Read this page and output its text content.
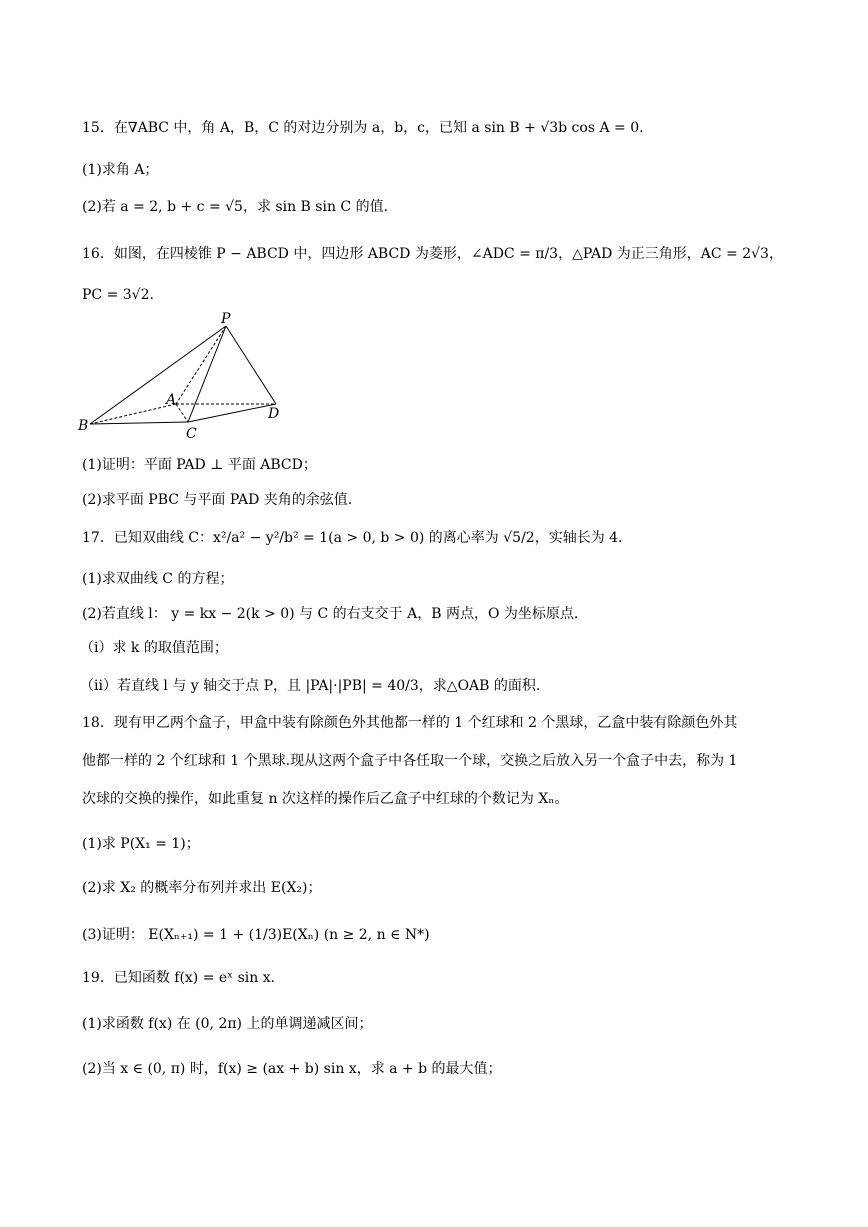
15．在∇ABC 中，角 A，B，C 的对边分别为 a，b，c，已知 a sin B + √3b cos A = 0.
(1)求角 A；
(2)若 a = 2, b + c = √5，求 sin B sin C 的值.
16．如图，在四棱锥 P − ABCD 中，四边形 ABCD 为菱形，∠ADC = π/3，△PAD 为正三角形，AC = 2√3，
PC = 3√2.
P
A
B	C
D
(1)证明：平面 PAD ⊥ 平面 ABCD；
(2)求平面 PBC 与平面 PAD 夹角的余弦值.
17．已知双曲线 C：x²/a² − y²/b² = 1(a > 0, b > 0) 的离心率为 √5/2，实轴长为 4.
(1)求双曲线 C 的方程；
(2)若直线 l： y = kx − 2(k > 0) 与 C 的右支交于 A，B 两点，O 为坐标原点.
（i）求 k 的取值范围；
（ii）若直线 l 与 y 轴交于点 P，且 |PA|·|PB| = 40/3，求△OAB 的面积.
18．现有甲乙两个盒子，甲盒中装有除颜色外其他都一样的 1 个红球和 2 个黑球，乙盒中装有除颜色外其
他都一样的 2 个红球和 1 个黑球.现从这两个盒子中各任取一个球，交换之后放入另一个盒子中去，称为 1
次球的交换的操作，如此重复 n 次这样的操作后乙盒子中红球的个数记为 Xₙ。
(1)求 P(X₁ = 1)；
(2)求 X₂ 的概率分布列并求出 E(X₂)；
(3)证明： E(Xₙ₊₁) = 1 + (1/3)E(Xₙ) (n ≥ 2, n ∈ N*)
19．已知函数 f(x) = eˣ sin x.
(1)求函数 f(x) 在 (0, 2π) 上的单调递减区间；
(2)当 x ∈ (0, π) 时，f(x) ≥ (ax + b) sin x，求 a + b 的最大值；
